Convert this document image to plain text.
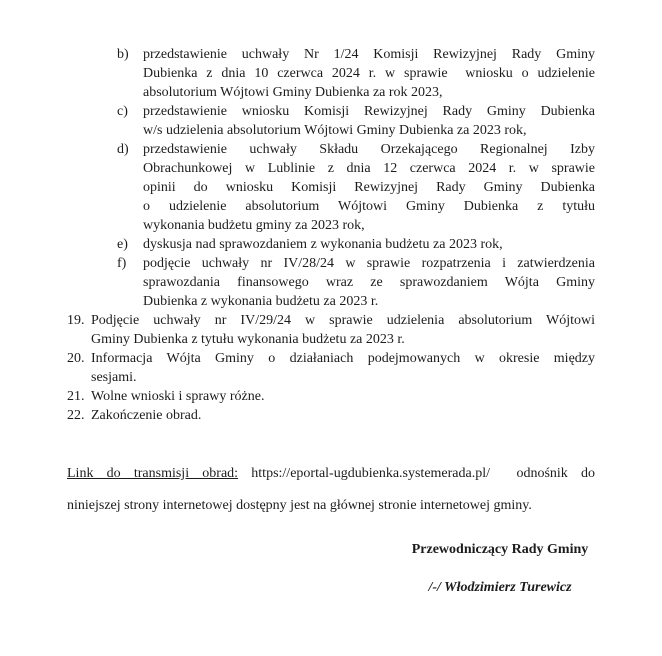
b) przedstawienie uchwały Nr 1/24 Komisji Rewizyjnej Rady Gminy
Dubienka z dnia 10 czerwca 2024 r. w sprawie  wniosku o udzielenie
absolutorium Wójtowi Gminy Dubienka za rok 2023,
c) przedstawienie wniosku Komisji Rewizyjnej Rady Gminy Dubienka
w/s udzielenia absolutorium Wójtowi Gminy Dubienka za 2023 rok,
d) przedstawienie uchwały Składu Orzekającego Regionalnej Izby
Obrachunkowej w Lublinie z dnia 12 czerwca 2024 r. w sprawie
opinii do wniosku Komisji Rewizyjnej Rady Gminy Dubienka
o udzielenie absolutorium Wójtowi Gminy Dubienka z tytułu
wykonania budżetu gminy za 2023 rok,
e) dyskusja nad sprawozdaniem z wykonania budżetu za 2023 rok,
f) podjęcie uchwały nr IV/28/24 w sprawie rozpatrzenia i zatwierdzenia
sprawozdania finansowego wraz ze sprawozdaniem Wójta Gminy
Dubienka z wykonania budżetu za 2023 r.
19. Podjęcie uchwały nr IV/29/24 w sprawie udzielenia absolutorium Wójtowi
Gminy Dubienka z tytułu wykonania budżetu za 2023 r.
20. Informacja Wójta Gminy o działaniach podejmowanych w okresie między
sesjami.
21. Wolne wnioski i sprawy różne.
22. Zakończenie obrad.
Link do transmisji obrad: https://eportal-ugdubienka.systemerada.pl/  odnośnik do
niniejszej strony internetowej dostępny jest na głównej stronie internetowej gminy.
Przewodniczący Rady Gminy
/-/ Włodzimierz Turewicz
